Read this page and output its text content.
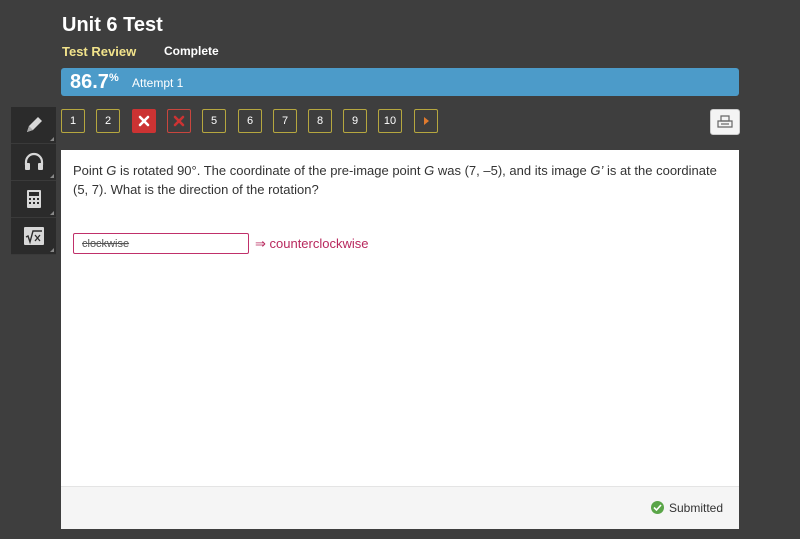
Unit 6 Test
Test Review Complete
86.7% Attempt 1
1	2	5	6	7	8	9	10
Point G is rotated 90°. The coordinate of the pre-image point G was (7, –5), and its image G’ is at the coordinate (5, 7). What is the direction of the rotation?
clockwise	⇒ counterclockwise
Submitted
